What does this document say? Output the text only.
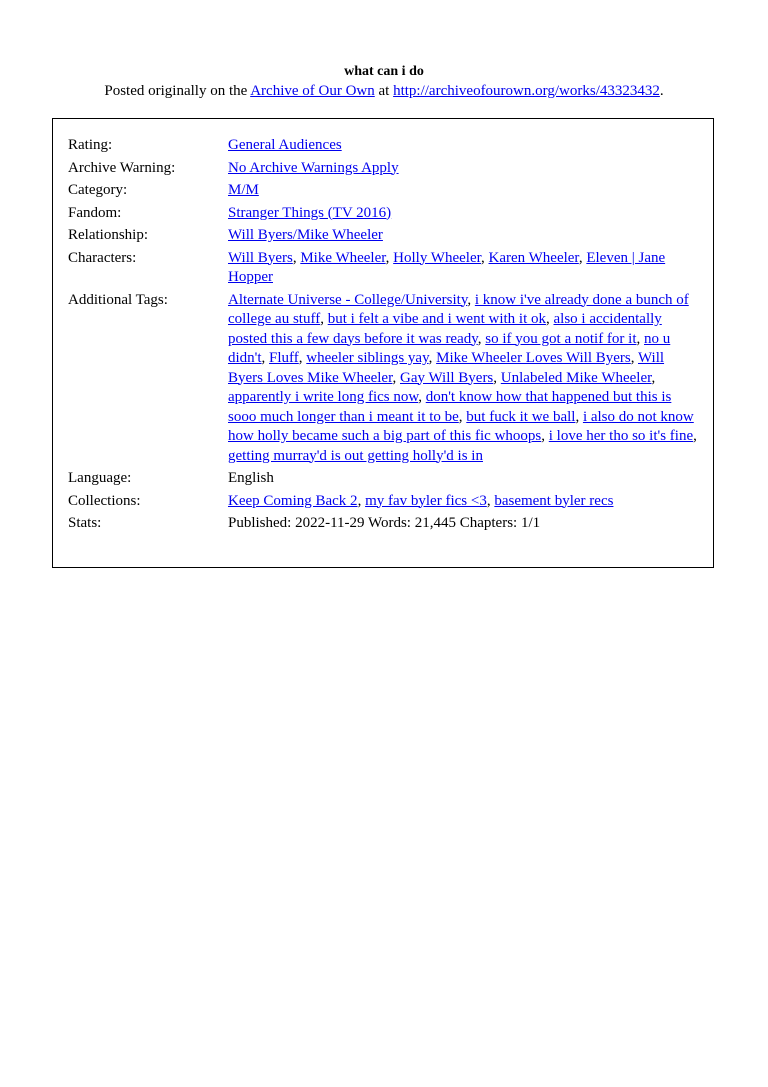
what can i do
Posted originally on the Archive of Our Own at http://archiveofourown.org/works/43323432.
Rating:	General Audiences
Archive Warning:	No Archive Warnings Apply
Category:	M/M
Fandom:	Stranger Things (TV 2016)
Relationship:	Will Byers/Mike Wheeler
Characters:	Will Byers, Mike Wheeler, Holly Wheeler, Karen Wheeler, Eleven | Jane Hopper
Additional Tags:	Alternate Universe - College/University, i know i've already done a bunch of college au stuff, but i felt a vibe and i went with it ok, also i accidentally posted this a few days before it was ready, so if you got a notif for it, no u didn't, Fluff, wheeler siblings yay, Mike Wheeler Loves Will Byers, Will Byers Loves Mike Wheeler, Gay Will Byers, Unlabeled Mike Wheeler, apparently i write long fics now, don't know how that happened but this is sooo much longer than i meant it to be, but fuck it we ball, i also do not know how holly became such a big part of this fic whoops, i love her tho so it's fine, getting murray'd is out getting holly'd is in
Language:	English
Collections:	Keep Coming Back 2, my fav byler fics <3, basement byler recs
Stats:	Published: 2022-11-29 Words: 21,445 Chapters: 1/1
